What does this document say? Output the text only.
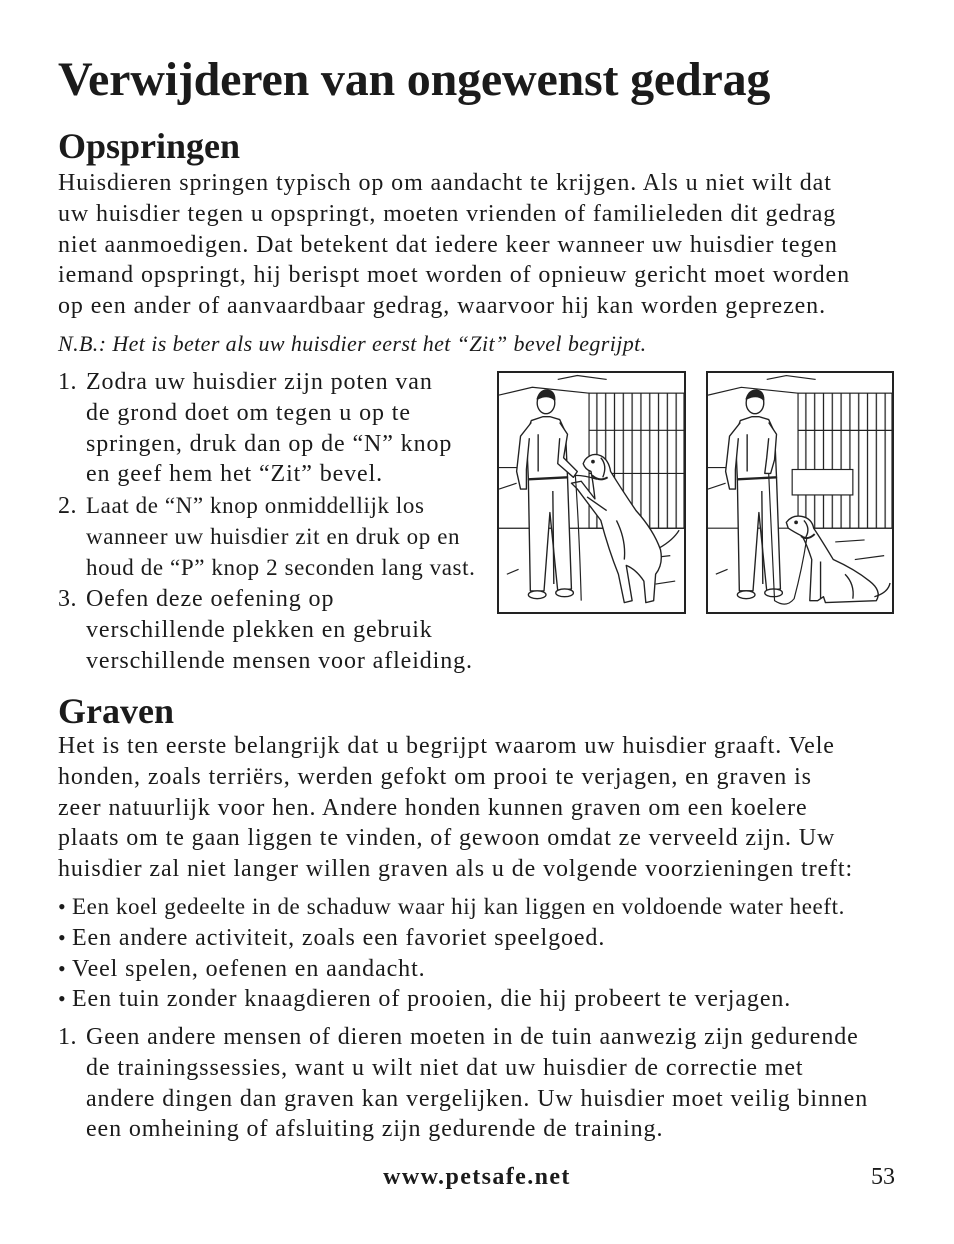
Verwijderen van ongewenst gedrag
Opspringen
Huisdieren springen typisch op om aandacht te krijgen. Als u niet wilt dat
uw huisdier tegen u opspringt, moeten vrienden of familieleden dit gedrag
niet aanmoedigen. Dat betekent dat iedere keer wanneer uw huisdier tegen
iemand opspringt, hij berispt moet worden of opnieuw gericht moet worden
op een ander of aanvaardbaar gedrag, waarvoor hij kan worden geprezen.
N.B.: Het is beter als uw huisdier eerst het “Zit” bevel begrijpt.
1. Zodra uw huisdier zijn poten van
de grond doet om tegen u op te
springen, druk dan op de “N” knop
en geef hem het “Zit” bevel.
2. Laat de “N” knop onmiddellijk los
wanneer uw huisdier zit en druk op en
houd de “P” knop 2 seconden lang vast.
3. Oefen deze oefening op
verschillende plekken en gebruik
verschillende mensen voor afleiding.
Graven
Het is ten eerste belangrijk dat u begrijpt waarom uw huisdier graaft. Vele
honden, zoals terriërs, werden gefokt om prooi te verjagen, en graven is
zeer natuurlijk voor hen. Andere honden kunnen graven om een koelere
plaats om te gaan liggen te vinden, of gewoon omdat ze verveeld zijn. Uw
huisdier zal niet langer willen graven als u de volgende voorzieningen treft:
• Een koel gedeelte in de schaduw waar hij kan liggen en voldoende water heeft.
• Een andere activiteit, zoals een favoriet speelgoed.
• Veel spelen, oefenen en aandacht.
• Een tuin zonder knaagdieren of prooien, die hij probeert te verjagen.
1. Geen andere mensen of dieren moeten in de tuin aanwezig zijn gedurende
de trainingssessies, want u wilt niet dat uw huisdier de correctie met
andere dingen dan graven kan vergelijken. Uw huisdier moet veilig binnen
een omheining of afsluiting zijn gedurende de training.
www.petsafe.net	53
